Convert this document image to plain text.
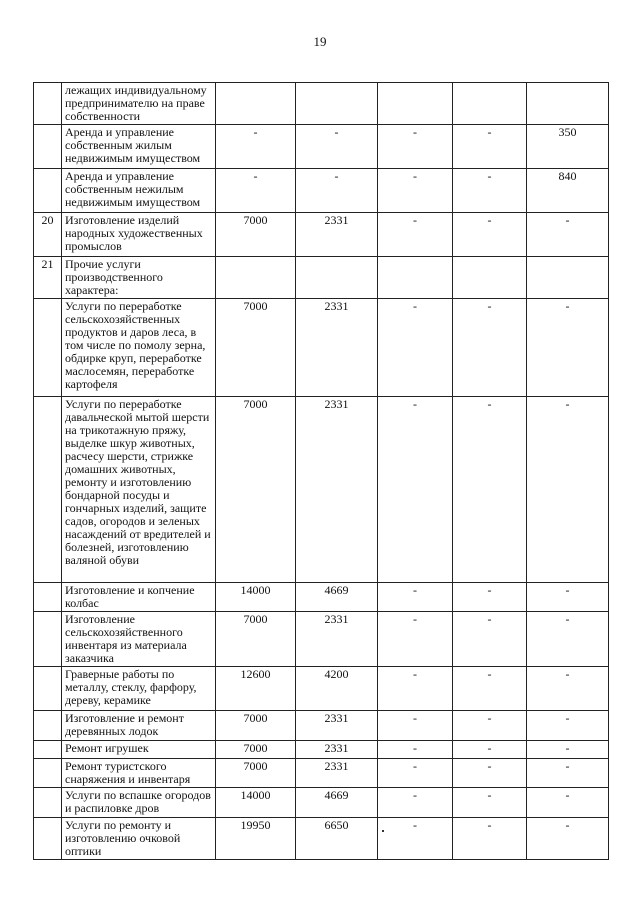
19
	лежащих индивидуальному предпринимателю на праве собственности					
	Аренда и управление собственным жилым недвижимым имуществом	-	-	-	-	350
	Аренда и управление собственным нежилым недвижимым имуществом	-	-	-	-	840
20	Изготовление изделий народных художественных промыслов	7000	2331	-	-	-
21	Прочие услуги производственного характера:					
	Услуги по переработке сельскохозяйственных продуктов и даров леса, в том числе по помолу зерна, обдирке круп, переработке маслосемян, переработке картофеля	7000	2331	-	-	-
	Услуги по переработке давальческой мытой шерсти на трикотажную пряжу, выделке шкур животных, расчесу шерсти, стрижке домашних животных, ремонту и изготовлению бондарной посуды и гончарных изделий, защите садов, огородов и зеленых насаждений от вредителей и болезней, изготовлению валяной обуви	7000	2331	-	-	-
	Изготовление и копчение колбас	14000	4669	-	-	-
	Изготовление сельскохозяйственного инвентаря из материала заказчика	7000	2331	-	-	-
	Граверные работы по металлу, стеклу, фарфору, дереву, керамике	12600	4200	-	-	-
	Изготовление и ремонт деревянных лодок	7000	2331	-	-	-
	Ремонт игрушек	7000	2331	-	-	-
	Ремонт туристского снаряжения и инвентаря	7000	2331	-	-	-
	Услуги по вспашке огородов и распиловке дров	14000	4669	-	-	-
	Услуги по ремонту и изготовлению очковой оптики	19950	6650	-	-	-
